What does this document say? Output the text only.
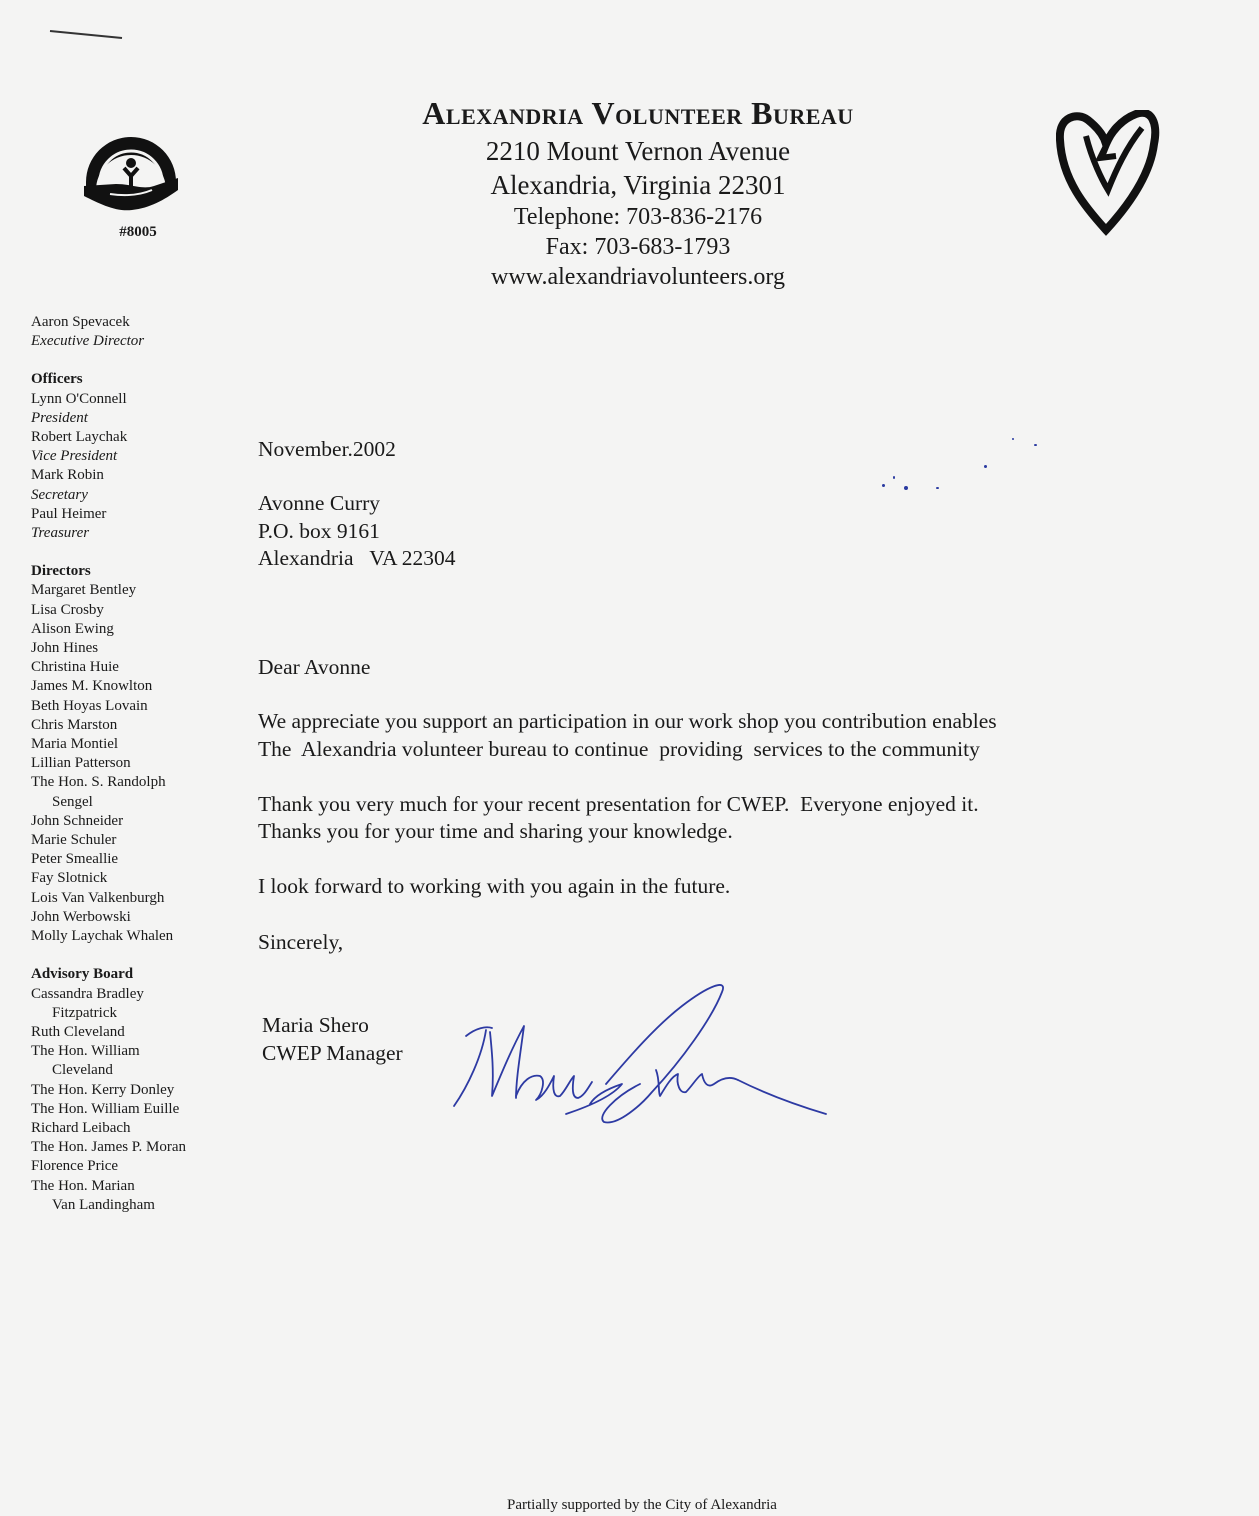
#8005
Alexandria Volunteer Bureau
2210 Mount Vernon Avenue
Alexandria, Virginia 22301
Telephone: 703-836-2176
Fax: 703-683-1793
www.alexandriavolunteers.org
Aaron Spevacek
Executive Director
Officers
Lynn O'Connell
President
Robert Laychak
Vice President
Mark Robin
Secretary
Paul Heimer
Treasurer
Directors
Margaret Bentley
Lisa Crosby
Alison Ewing
John Hines
Christina Huie
James M. Knowlton
Beth Hoyas Lovain
Chris Marston
Maria Montiel
Lillian Patterson
The Hon. S. Randolph
Sengel
John Schneider
Marie Schuler
Peter Smeallie
Fay Slotnick
Lois Van Valkenburgh
John Werbowski
Molly Laychak Whalen
Advisory Board
Cassandra Bradley
Fitzpatrick
Ruth Cleveland
The Hon. William
Cleveland
The Hon. Kerry Donley
The Hon. William Euille
Richard Leibach
The Hon. James P. Moran
Florence Price
The Hon. Marian
Van Landingham
November.2002
Avonne Curry
P.O. box 9161
Alexandria   VA 22304
Dear Avonne

We appreciate you support an participation in our work shop you contribution enables
The  Alexandria volunteer bureau to continue  providing  services to the community

Thank you very much for your recent presentation for CWEP.  Everyone enjoyed it.
Thanks you for your time and sharing your knowledge.

I look forward to working with you again in the future.

Sincerely,
Maria Shero
CWEP Manager
Partially supported by the City of Alexandria
